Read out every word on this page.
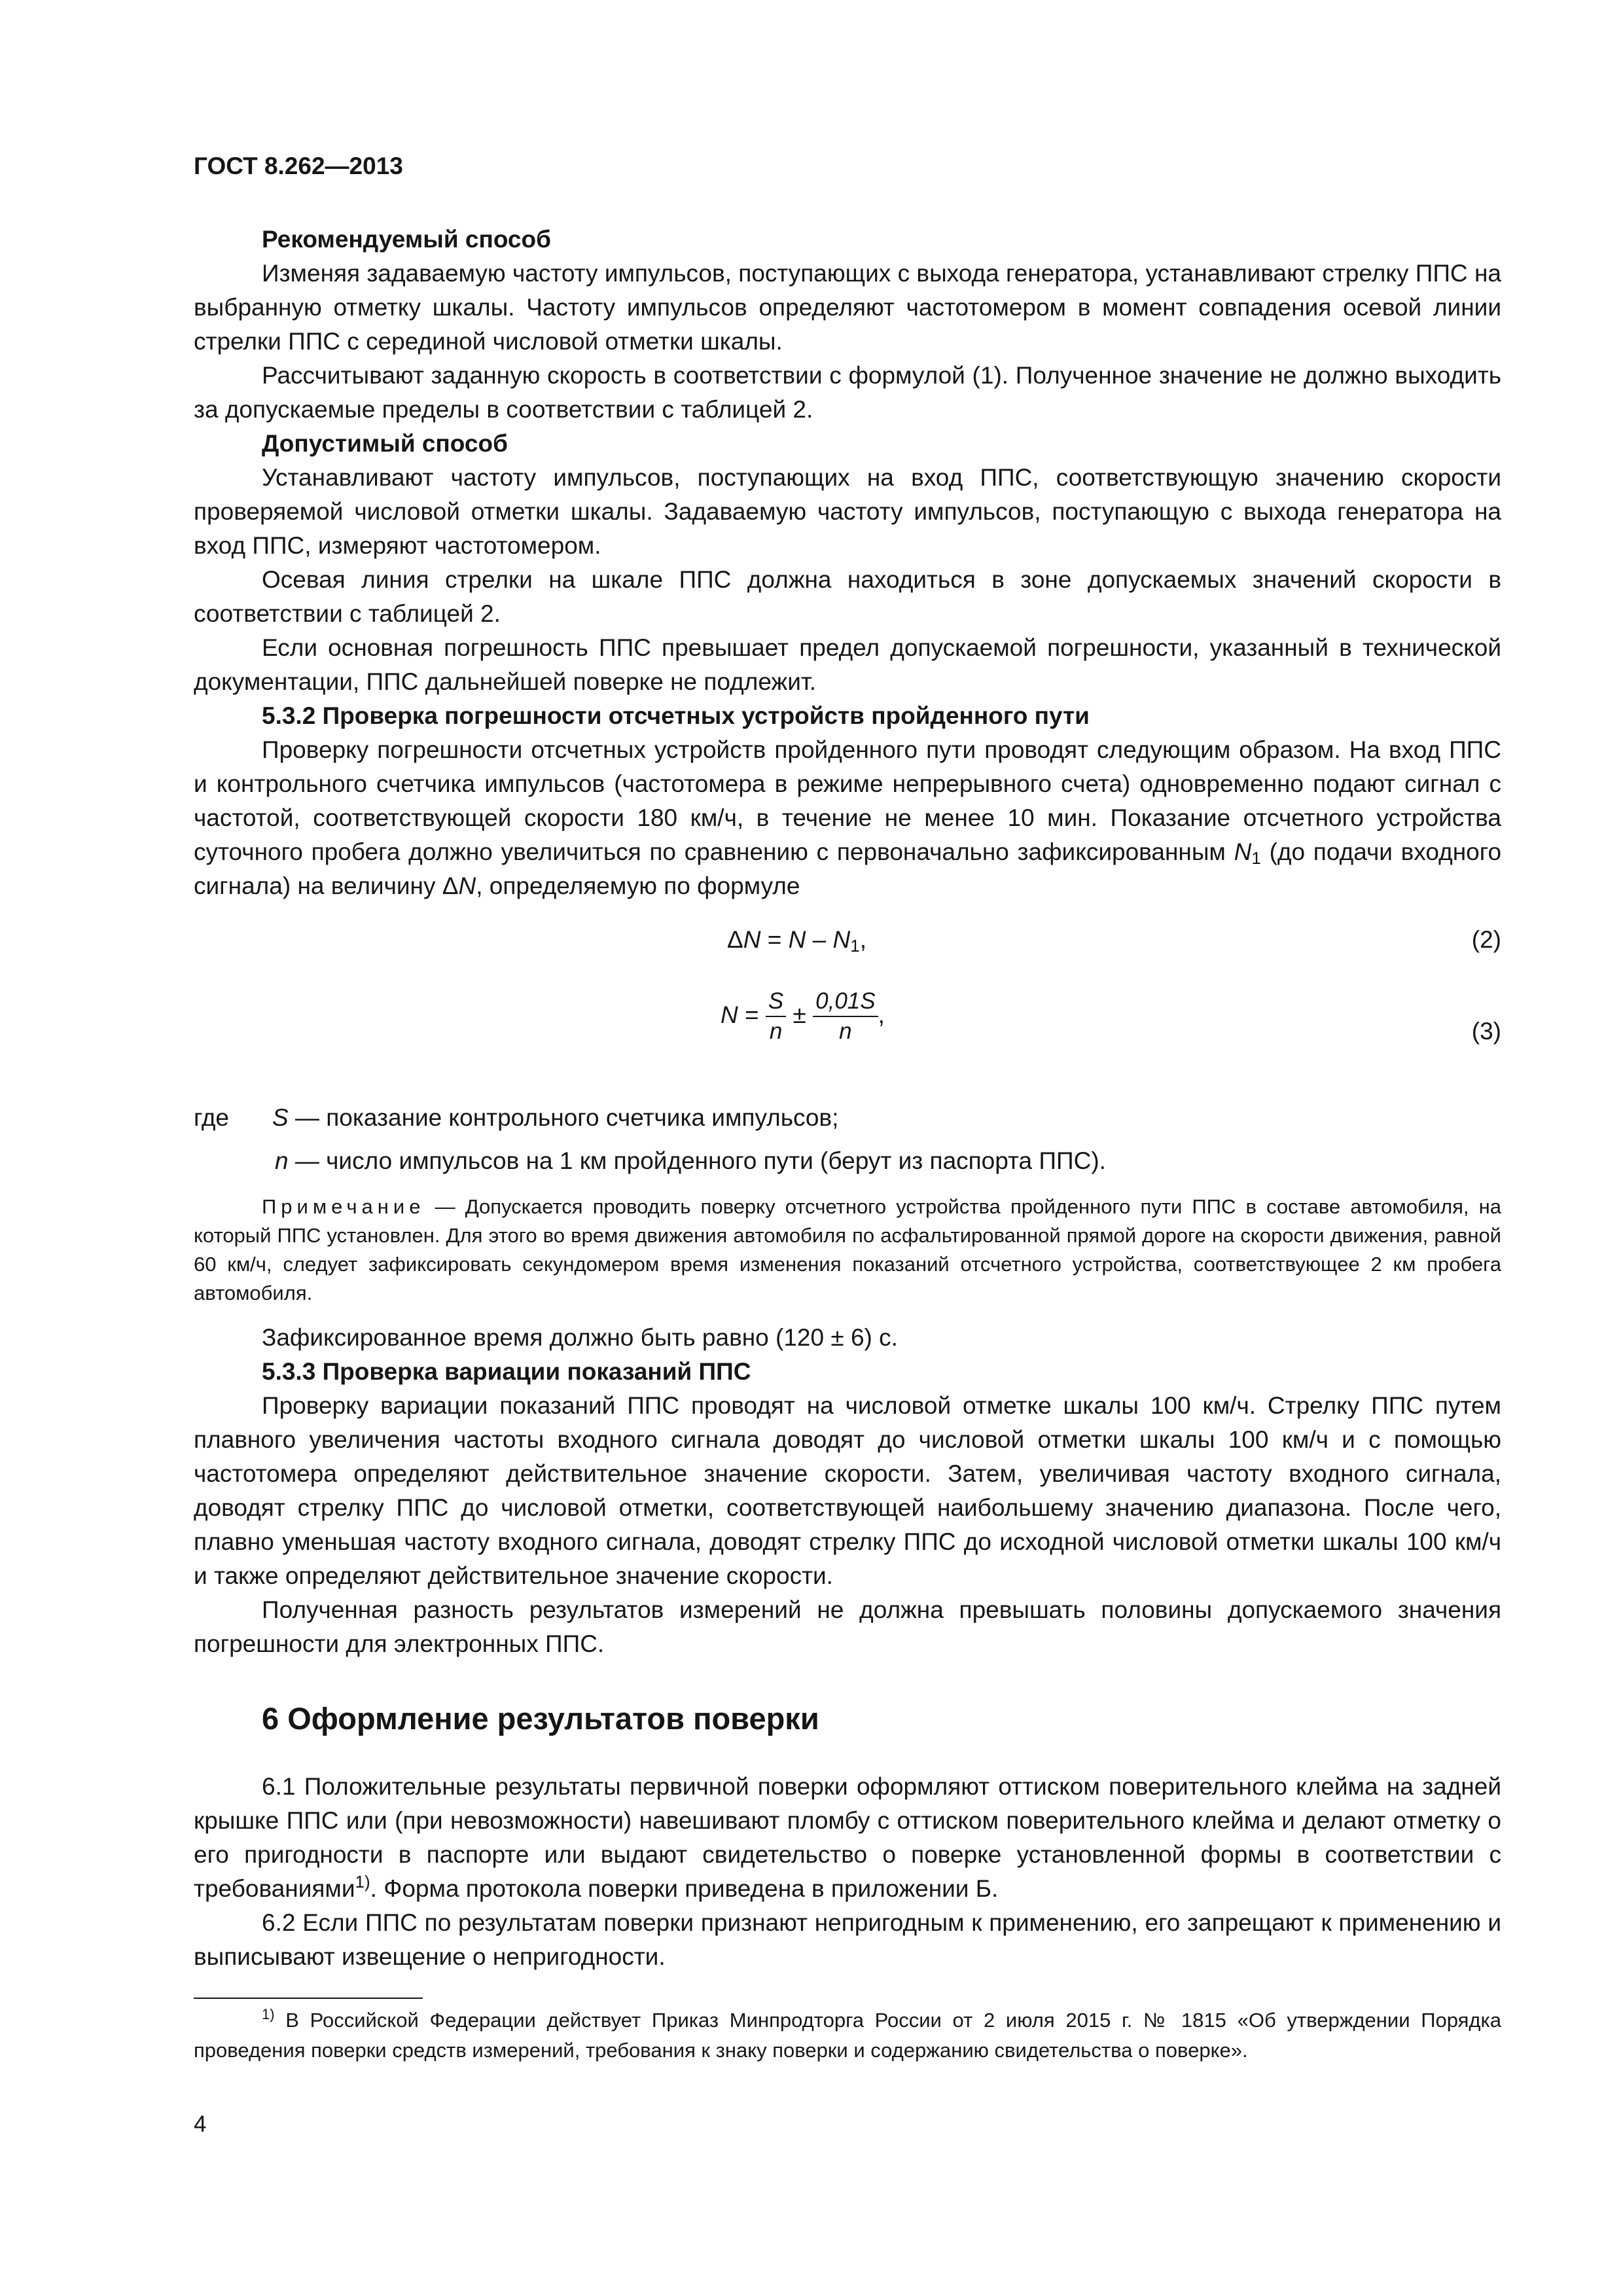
ГОСТ 8.262—2013

Рекомендуемый способ

Изменяя задаваемую частоту импульсов, поступающих с выхода генератора, устанавливают стрелку ППС на выбранную отметку шкалы. Частоту импульсов определяют частотомером в момент совпадения осевой линии стрелки ППС с серединой числовой отметки шкалы.

Рассчитывают заданную скорость в соответствии с формулой (1). Полученное значение не должно выходить за допускаемые пределы в соответствии с таблицей 2.

Допустимый способ

Устанавливают частоту импульсов, поступающих на вход ППС, соответствующую значению скорости проверяемой числовой отметки шкалы. Задаваемую частоту импульсов, поступающую с выхода генератора на вход ППС, измеряют частотомером.

Осевая линия стрелки на шкале ППС должна находиться в зоне допускаемых значений скорости в соответствии с таблицей 2.

Если основная погрешность ППС превышает предел допускаемой погрешности, указанный в технической документации, ППС дальнейшей поверке не подлежит.

5.3.2 Проверка погрешности отсчетных устройств пройденного пути

Проверку погрешности отсчетных устройств пройденного пути проводят следующим образом. На вход ППС и контрольного счетчика импульсов (частотомера в режиме непрерывного счета) одновременно подают сигнал с частотой, соответствующей скорости 180 км/ч, в течение не менее 10 мин. Показание отсчетного устройства суточного пробега должно увеличиться по сравнению с первоначально зафиксированным $N_1$ (до подачи входного сигнала) на величину ΔN, определяемую по формуле

$\Delta N = N - N_1$,	(2)
$N = \frac{S}{n} \pm \frac{0,01S}{n}$ ,
(3)
где S — показание контрольного счетчика импульсов;
n — число импульсов на 1 км пройденного пути (берут из паспорта ППС).

Примечание — Допускается проводить поверку отсчетного устройства пройденного пути ППС в составе автомобиля, на который ППС установлен. Для этого во время движения автомобиля по асфальтированной прямой дороге на скорости движения, равной 60 км/ч, следует зафиксировать секундомером время изменения показаний отсчетного устройства, соответствующее 2 км пробега автомобиля.

Зафиксированное время должно быть равно (120 ± 6) с.

5.3.3 Проверка вариации показаний ППС

Проверку вариации показаний ППС проводят на числовой отметке шкалы 100 км/ч. Стрелку ППС путем плавного увеличения частоты входного сигнала доводят до числовой отметки шкалы 100 км/ч и с помощью частотомера определяют действительное значение скорости. Затем, увеличивая частоту входного сигнала, доводят стрелку ППС до числовой отметки, соответствующей наибольшему значению диапазона. После чего, плавно уменьшая частоту входного сигнала, доводят стрелку ППС до исходной числовой отметки шкалы 100 км/ч и также определяют действительное значение скорости.

Полученная разность результатов измерений не должна превышать половины допускаемого значения погрешности для электронных ППС.

6 Оформление результатов поверки

6.1 Положительные результаты первичной поверки оформляют оттиском поверительного клейма на задней крышке ППС или (при невозможности) навешивают пломбу с оттиском поверительного клейма и делают отметку о его пригодности в паспорте или выдают свидетельство о поверке установленной формы в соответствии с требованиями$^{1)}$. Форма протокола поверки приведена в приложении Б.

6.2 Если ППС по результатам поверки признают непригодным к применению, его запрещают к применению и выписывают извещение о непригодности.

$^{1)}$ В Российской Федерации действует Приказ Минпродторга России от 2 июля 2015 г. № 1815 «Об утверждении Порядка проведения поверки средств измерений, требования к знаку поверки и содержанию свидетельства о поверке».
4
